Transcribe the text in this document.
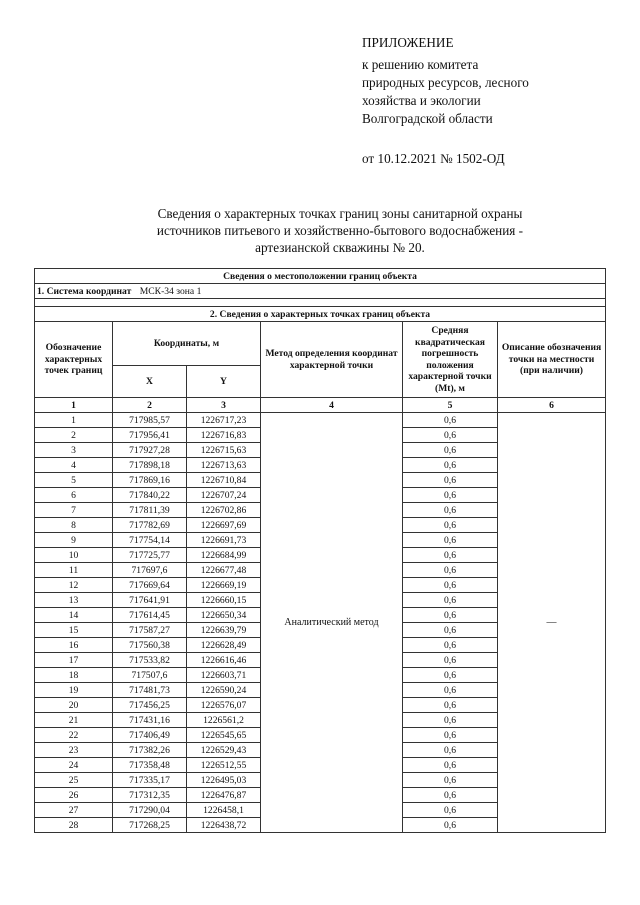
ПРИЛОЖЕНИЕ
к решению комитета
природных ресурсов, лесного
хозяйства и экологии
Волгоградской области
от 10.12.2021 № 1502-ОД
Сведения о характерных точках границ зоны санитарной охраны
источников питьевого и хозяйственно-бытового водоснабжения -
артезианской скважины № 20.
Сведения о местоположении границ объекта					
1. Система координат МСК-34 зона 1					

2. Сведения о характерных точках границ объекта					
Обозначение характерных точек границ	Координаты, м		Метод определения координат характерной точки	Средняя квадратическая погрешность положения характерной точки (Mt), м	Описание обозначения точки на местности (при наличии)
	X	Y			
1	2	3	4	5	6
1	717985,57	1226717,23	Аналитический метод	0,6	—
2	717956,41	1226716,83		0,6	
3	717927,28	1226715,63		0,6	
4	717898,18	1226713,63		0,6	
5	717869,16	1226710,84		0,6	
6	717840,22	1226707,24		0,6	
7	717811,39	1226702,86		0,6	
8	717782,69	1226697,69		0,6	
9	717754,14	1226691,73		0,6	
10	717725,77	1226684,99		0,6	
11	717697,6	1226677,48		0,6	
12	717669,64	1226669,19		0,6	
13	717641,91	1226660,15		0,6	
14	717614,45	1226650,34		0,6	
15	717587,27	1226639,79		0,6	
16	717560,38	1226628,49		0,6	
17	717533,82	1226616,46		0,6	
18	717507,6	1226603,71		0,6	
19	717481,73	1226590,24		0,6	
20	717456,25	1226576,07		0,6	
21	717431,16	1226561,2		0,6	
22	717406,49	1226545,65		0,6	
23	717382,26	1226529,43		0,6	
24	717358,48	1226512,55		0,6	
25	717335,17	1226495,03		0,6	
26	717312,35	1226476,87		0,6	
27	717290,04	1226458,1		0,6	
28	717268,25	1226438,72		0,6	
